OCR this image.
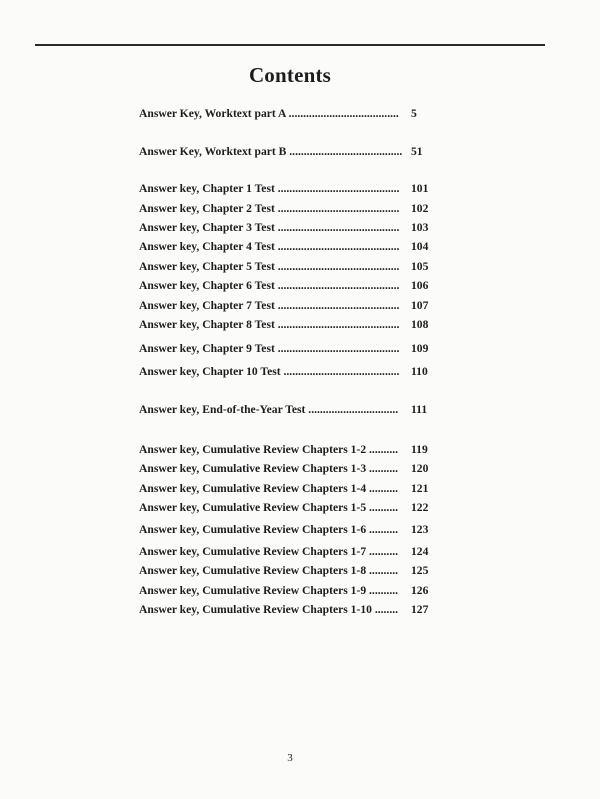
Contents
Answer Key, Worktext part A ...................................... 5
Answer Key, Worktext part B ....................................... 51
Answer key, Chapter 1 Test .......................................... 101
Answer key, Chapter 2 Test .......................................... 102
Answer key, Chapter 3 Test .......................................... 103
Answer key, Chapter 4 Test .......................................... 104
Answer key, Chapter 5 Test .......................................... 105
Answer key, Chapter 6 Test .......................................... 106
Answer key, Chapter 7 Test .......................................... 107
Answer key, Chapter 8 Test .......................................... 108
Answer key, Chapter 9 Test .......................................... 109
Answer key, Chapter 10 Test ........................................ 110
Answer key, End-of-the-Year Test ............................... 111
Answer key, Cumulative Review Chapters 1-2 .......... 119
Answer key, Cumulative Review Chapters 1-3 .......... 120
Answer key, Cumulative Review Chapters 1-4 .......... 121
Answer key, Cumulative Review Chapters 1-5 .......... 122
Answer key, Cumulative Review Chapters 1-6 .......... 123
Answer key, Cumulative Review Chapters 1-7 .......... 124
Answer key, Cumulative Review Chapters 1-8 .......... 125
Answer key, Cumulative Review Chapters 1-9 .......... 126
Answer key, Cumulative Review Chapters 1-10 ........ 127
3
